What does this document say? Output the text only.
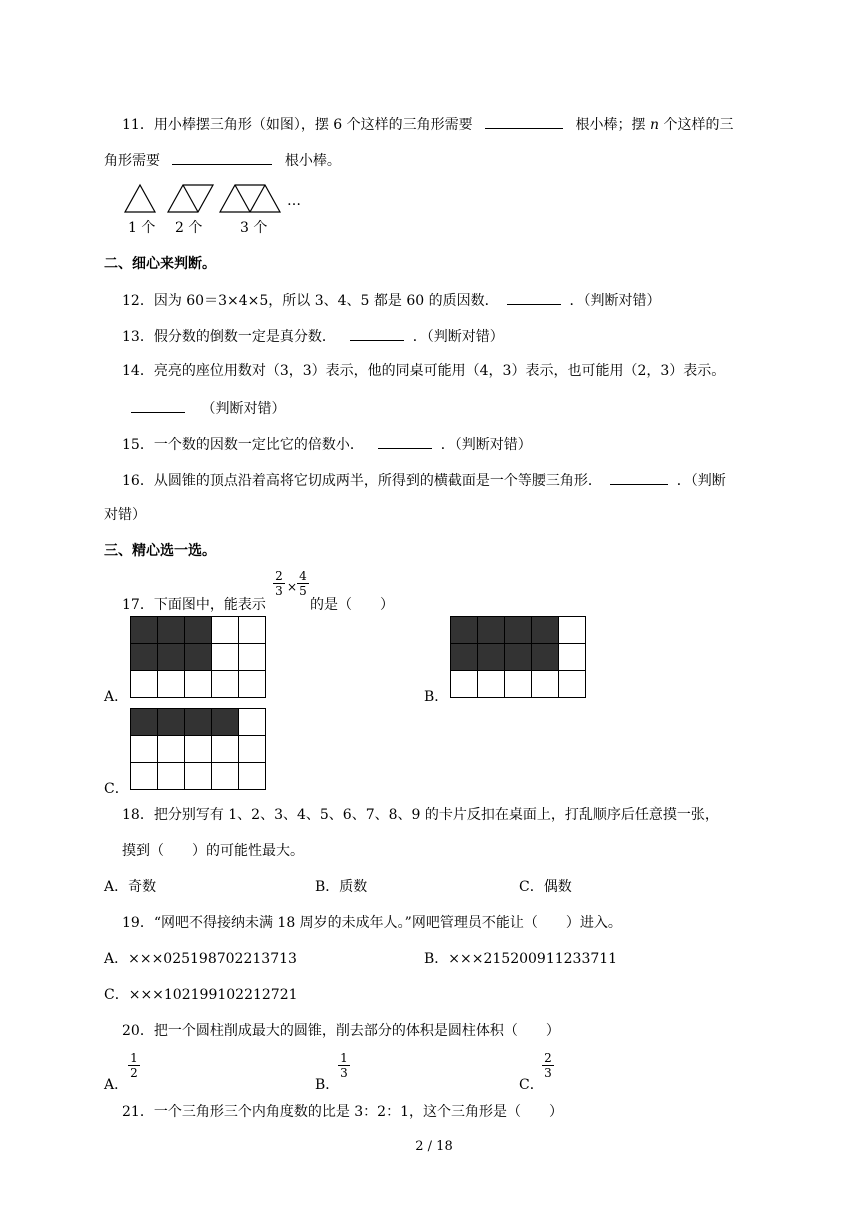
11．用小棒摆三角形（如图），摆 6 个这样的三角形需要	根小棒；摆 n 个这样的三
角形需要	根小棒。
…
1 个 2 个	3 个
二、细心来判断。
12．因为 60＝3×4×5，所以 3、4、5 都是 60 的质因数．	．（判断对错）
13．假分数的倒数一定是真分数．	．（判断对错）
14．亮亮的座位用数对（3，3）表示，他的同桌可能用（4，3）表示，也可能用（2，3）表示。
（判断对错）
15．一个数的因数一定比它的倍数小．	．（判断对错）
16．从圆锥的顶点沿着高将它切成两半，所得到的横截面是一个等腰三角形．	．（判断
对错）
三、精心选一选。
17．下面图中，能表示
$\frac{2}{3} \times \frac{4}{5}$
的是（　　）
A．	B．
C．
18．把分别写有 1、2、3、4、5、6、7、8、9 的卡片反扣在桌面上，打乱顺序后任意摸一张，
摸到（　　）的可能性最大。
A．奇数	B．质数	C．偶数
19．“网吧不得接纳未满 18 周岁的未成年人。”网吧管理员不能让（　　）进入。
A．×××025198702213713	B．×××215200911233711
C．×××102199102212721
20．把一个圆柱削成最大的圆锥，削去部分的体积是圆柱体积（　　）
A．
$\frac{1}{2}$
B．
$\frac{1}{3}$
C．
$\frac{2}{3}$
21．一个三角形三个内角度数的比是 3：2：1，这个三角形是（　　）
2 / 18
